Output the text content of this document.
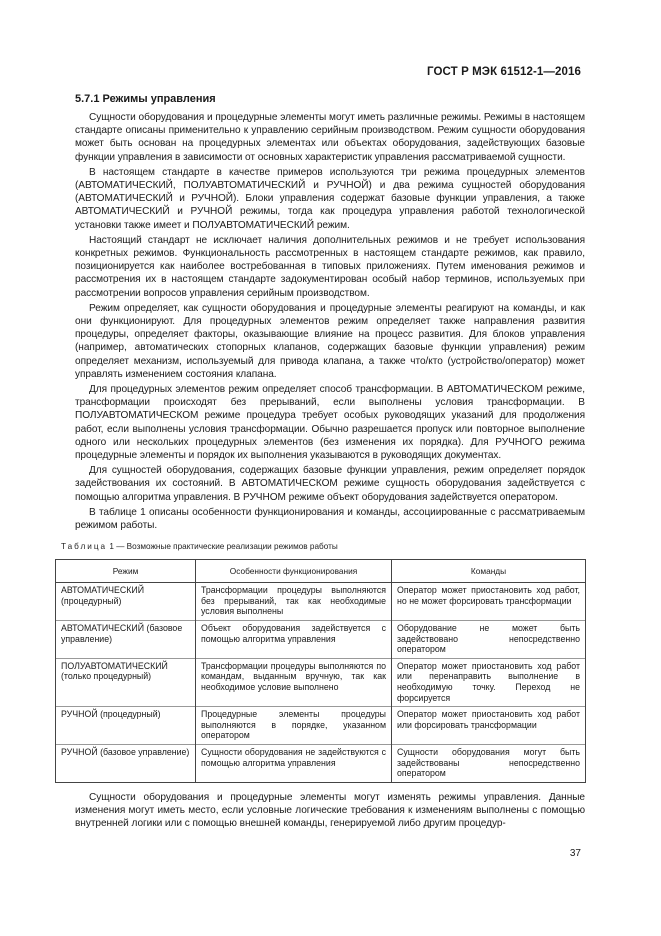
ГОСТ Р МЭК 61512-1—2016
5.7.1 Режимы управления

Сущности оборудования и процедурные элементы могут иметь различные режимы. Режимы в настоящем стандарте описаны применительно к управлению серийным производством. Режим сущности оборудования может быть основан на процедурных элементах или объектах оборудования, задействующих базовые функции управления в зависимости от основных характеристик управления рассматриваемой сущности.

В настоящем стандарте в качестве примеров используются три режима процедурных элементов (АВТОМАТИЧЕСКИЙ, ПОЛУАВТОМАТИЧЕСКИЙ и РУЧНОЙ) и два режима сущностей оборудования (АВТОМАТИЧЕСКИЙ и РУЧНОЙ). Блоки управления содержат базовые функции управления, а также АВТОМАТИЧЕСКИЙ и РУЧНОЙ режимы, тогда как процедура управления работой технологической установки также имеет и ПОЛУАВТОМАТИЧЕСКИЙ режим.

Настоящий стандарт не исключает наличия дополнительных режимов и не требует использования конкретных режимов. Функциональность рассмотренных в настоящем стандарте режимов, как правило, позиционируется как наиболее востребованная в типовых приложениях. Путем именования режимов и рассмотрения их в настоящем стандарте задокументирован особый набор терминов, используемых при рассмотрении вопросов управления серийным производством.

Режим определяет, как сущности оборудования и процедурные элементы реагируют на команды, и как они функционируют. Для процедурных элементов режим определяет также направления развития процедуры, определяет факторы, оказывающие влияние на процесс развития. Для блоков управления (например, автоматических стопорных клапанов, содержащих базовые функции управления) режим определяет механизм, используемый для привода клапана, а также что/кто (устройство/оператор) может управлять изменением состояния клапана.

Для процедурных элементов режим определяет способ трансформации. В АВТОМАТИЧЕСКОМ режиме, трансформации происходят без прерываний, если выполнены условия трансформации. В ПОЛУАВТОМАТИЧЕСКОМ режиме процедура требует особых руководящих указаний для продолжения работ, если выполнены условия трансформации. Обычно разрешается пропуск или повторное выполнение одного или нескольких процедурных элементов (без изменения их порядка). Для РУЧНОГО режима процедурные элементы и порядок их выполнения указываются в руководящих документах.

Для сущностей оборудования, содержащих базовые функции управления, режим определяет порядок задействования их состояний. В АВТОМАТИЧЕСКОМ режиме сущность оборудования задействуется с помощью алгоритма управления. В РУЧНОМ режиме объект оборудования задействуется оператором.

В таблице 1 описаны особенности функционирования и команды, ассоциированные с рассматриваемым режимом работы.

Таблица 1 — Возможные практические реализации режимов работы
Режим	Особенности функционирования	Команды
АВТОМАТИЧЕСКИЙ (процедурный)	Трансформации процедуры выполняются без прерываний, так как необходимые условия выполнены	Оператор может приостановить ход работ, но не может форсировать трансформации
АВТОМАТИЧЕСКИЙ (базовое управление)	Объект оборудования задействуется с помощью алгоритма управления	Оборудование не может быть задействовано непосредственно оператором
ПОЛУАВТОМАТИЧЕСКИЙ (только процедурный)	Трансформации процедуры выполняются по командам, выданным вручную, так как необходимое условие выполнено	Оператор может приостановить ход работ или перенаправить выполнение в необходимую точку. Переход не форсируется
РУЧНОЙ (процедурный)	Процедурные элементы процедуры выполняются в порядке, указанном оператором	Оператор может приостановить ход работ или форсировать трансформации
РУЧНОЙ (базовое управление)	Сущности оборудования не задействуются с помощью алгоритма управления	Сущности оборудования могут быть задействованы непосредственно оператором

Сущности оборудования и процедурные элементы могут изменять режимы управления. Данные изменения могут иметь место, если условные логические требования к изменениям выполнены с помощью внутренней логики или с помощью внешней команды, генерируемой либо другим процедур-

37
